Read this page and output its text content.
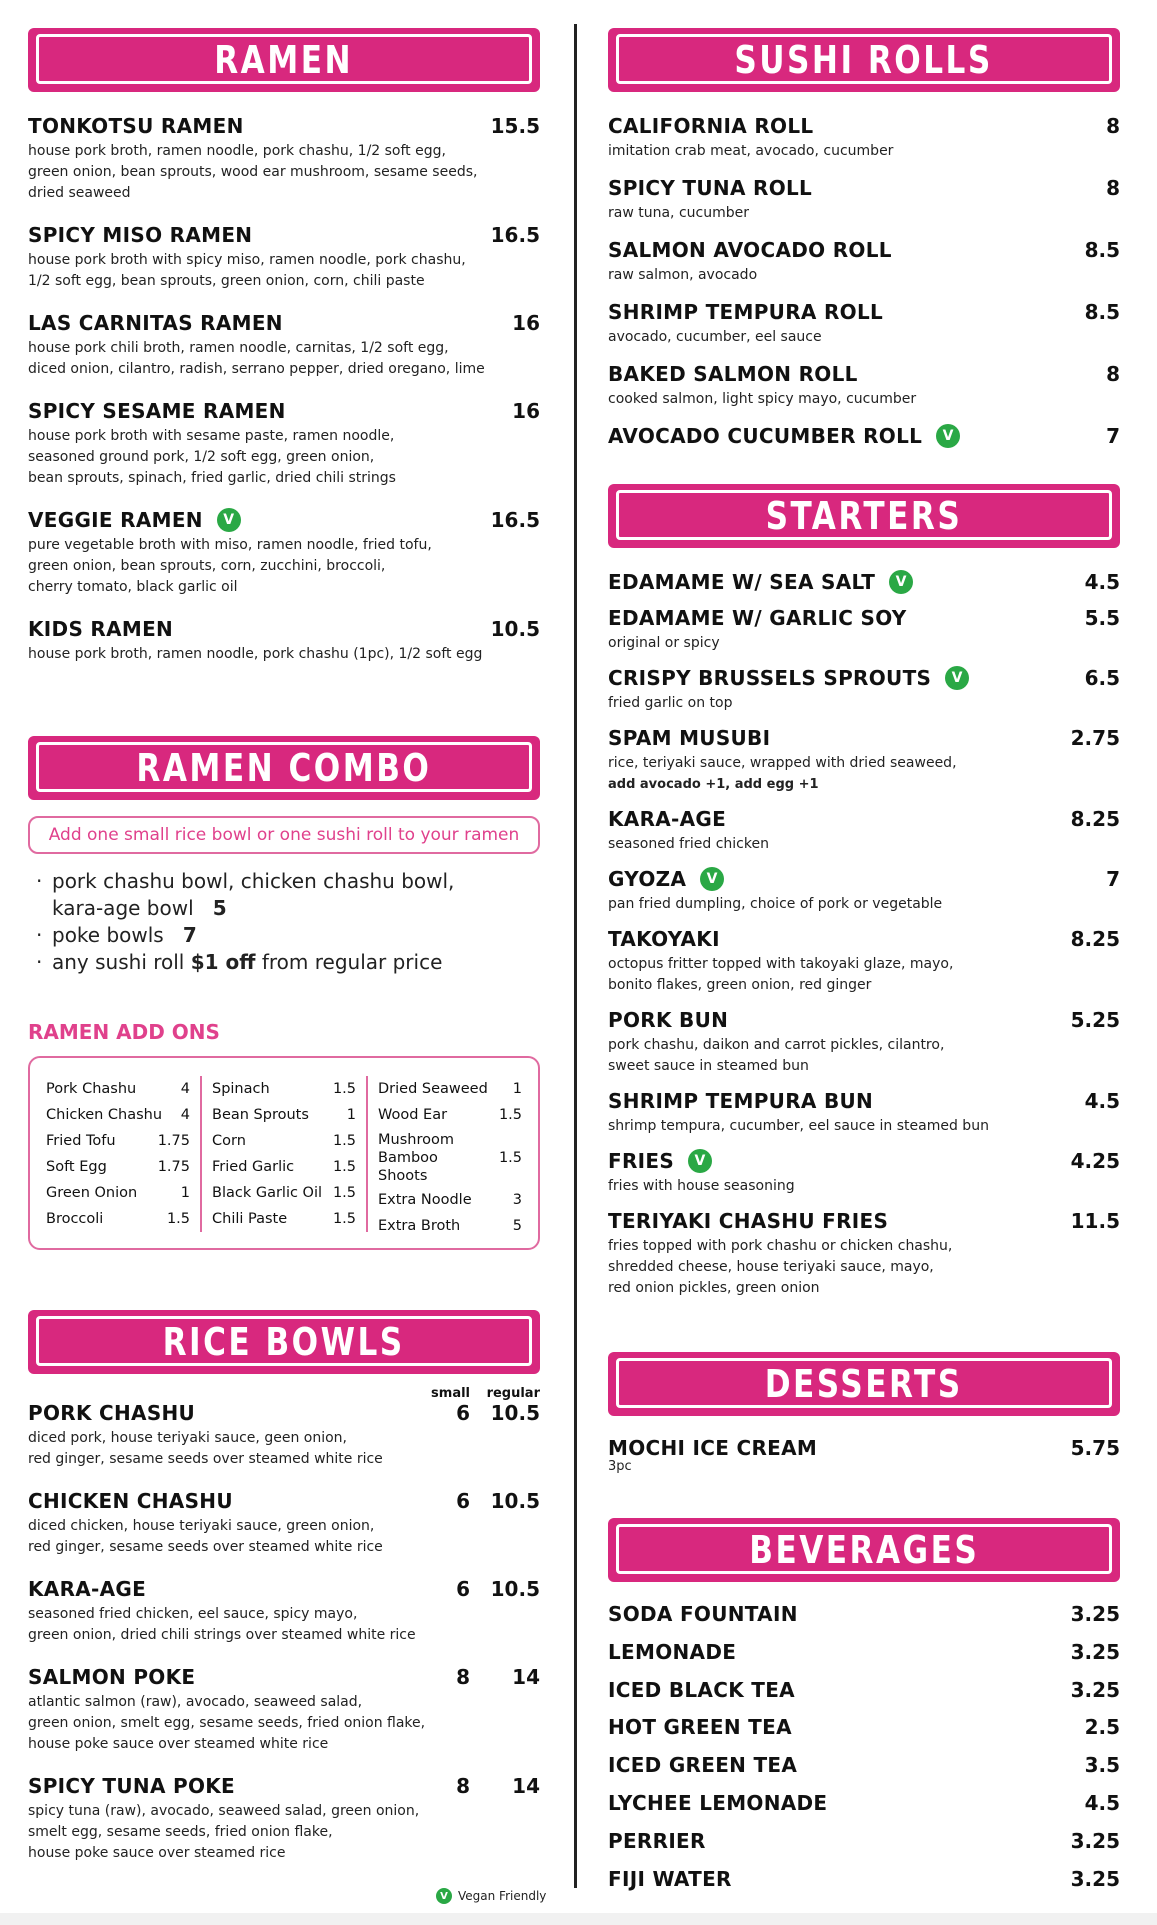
RAMEN
TONKOTSU RAMEN	15.5
house pork broth, ramen noodle, pork chashu, 1/2 soft egg,
green onion, bean sprouts, wood ear mushroom, sesame seeds,
dried seaweed
SPICY MISO RAMEN	16.5
house pork broth with spicy miso, ramen noodle, pork chashu,
1/2 soft egg, bean sprouts, green onion, corn, chili paste
LAS CARNITAS RAMEN	16
house pork chili broth, ramen noodle, carnitas, 1/2 soft egg,
diced onion, cilantro, radish, serrano pepper, dried oregano, lime
SPICY SESAME RAMEN	16
house pork broth with sesame paste, ramen noodle,
seasoned ground pork, 1/2 soft egg, green onion,
bean sprouts, spinach, fried garlic, dried chili strings
VEGGIE RAMEN	V	16.5
pure vegetable broth with miso, ramen noodle, fried tofu,
green onion, bean sprouts, corn, zucchini, broccoli,
cherry tomato, black garlic oil
KIDS RAMEN	10.5
house pork broth, ramen noodle, pork chashu (1pc), 1/2 soft egg
RAMEN COMBO
Add one small rice bowl or one sushi roll to your ramen
· pork chashu bowl, chicken chashu bowl,
kara-age bowl 5
· poke bowls 7
· any sushi roll $1 off from regular price
RAMEN ADD ONS
Pork Chashu	4
Chicken Chashu 4
Fried Tofu	1.75
Soft Egg	1.75
Green Onion	1
Broccoli	1.5
Spinach	1.5
Bean Sprouts	1
Corn	1.5
Fried Garlic	1.5
Black Garlic Oil 1.5
Chili Paste	1.5
Dried Seaweed 1
Wood Ear	1.5
Mushroom Bamboo Shoots
1.5
Extra Noodle	3
Extra Broth	5
RICE BOWLS
small	regular
PORK CHASHU	6	10.5
diced pork, house teriyaki sauce, geen onion,
red ginger, sesame seeds over steamed white rice
CHICKEN CHASHU	6	10.5
diced chicken, house teriyaki sauce, green onion,
red ginger, sesame seeds over steamed white rice
KARA-AGE	6	10.5
seasoned fried chicken, eel sauce, spicy mayo,
green onion, dried chili strings over steamed white rice
SALMON POKE	8	14
atlantic salmon (raw), avocado, seaweed salad,
green onion, smelt egg, sesame seeds, fried onion flake,
house poke sauce over steamed white rice
SPICY TUNA POKE	8	14
spicy tuna (raw), avocado, seaweed salad, green onion,
smelt egg, sesame seeds, fried onion flake,
house poke sauce over steamed rice
SUSHI ROLLS
CALIFORNIA ROLL	8
imitation crab meat, avocado, cucumber
SPICY TUNA ROLL	8
raw tuna, cucumber
SALMON AVOCADO ROLL	8.5
raw salmon, avocado
SHRIMP TEMPURA ROLL	8.5
avocado, cucumber, eel sauce
BAKED SALMON ROLL	8
cooked salmon, light spicy mayo, cucumber
AVOCADO CUCUMBER ROLL	V	7
STARTERS
EDAMAME W/ SEA SALT	V	4.5
EDAMAME W/ GARLIC SOY	5.5
original or spicy
CRISPY BRUSSELS SPROUTS	V	6.5
fried garlic on top
SPAM MUSUBI	2.75
rice, teriyaki sauce, wrapped with dried seaweed,
add avocado +1, add egg +1
KARA-AGE	8.25
seasoned fried chicken
GYOZA	V	7
pan fried dumpling, choice of pork or vegetable
TAKOYAKI	8.25
octopus fritter topped with takoyaki glaze, mayo,
bonito flakes, green onion, red ginger
PORK BUN	5.25
pork chashu, daikon and carrot pickles, cilantro,
sweet sauce in steamed bun
SHRIMP TEMPURA BUN	4.5
shrimp tempura, cucumber, eel sauce in steamed bun
FRIES	V	4.25
fries with house seasoning
TERIYAKI CHASHU FRIES	11.5
fries topped with pork chashu or chicken chashu,
shredded cheese, house teriyaki sauce, mayo,
red onion pickles, green onion
DESSERTS
MOCHI ICE CREAM	5.75
3pc
BEVERAGES
SODA FOUNTAIN	3.25
LEMONADE	3.25
ICED BLACK TEA	3.25
HOT GREEN TEA	2.5
ICED GREEN TEA	3.5
LYCHEE LEMONADE	4.5
PERRIER	3.25
FIJI WATER	3.25
V Vegan Friendly
